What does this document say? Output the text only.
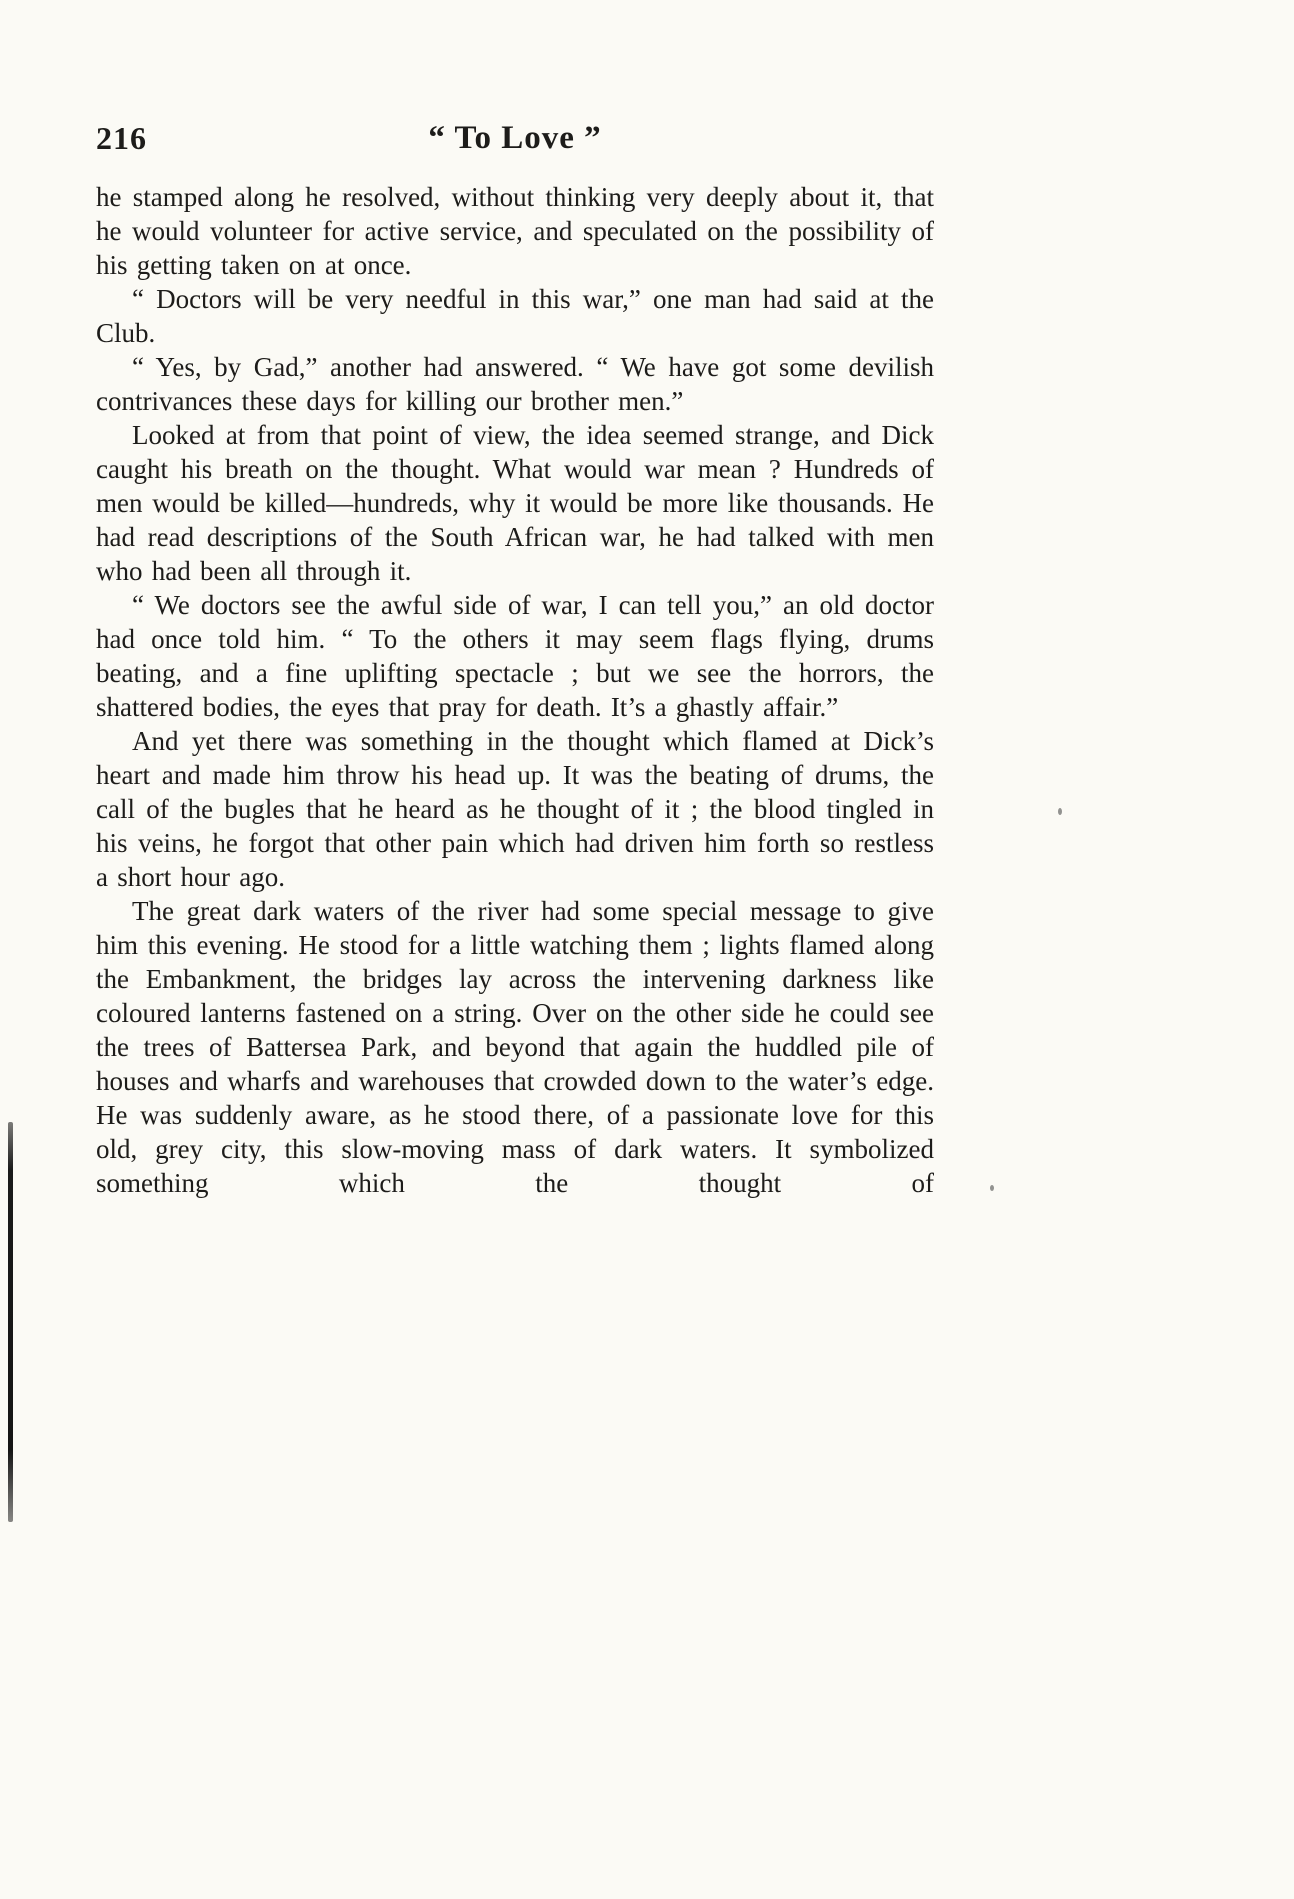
216	“ To Love ”

he stamped along he resolved, without thinking very deeply about it, that he would volunteer for active service, and speculated on the possibility of his getting taken on at once.

“ Doctors will be very needful in this war,” one man had said at the Club.

“ Yes, by Gad,” another had answered. “ We have got some devilish contrivances these days for killing our brother men.”

Looked at from that point of view, the idea seemed strange, and Dick caught his breath on the thought. What would war mean ? Hundreds of men would be killed—hundreds, why it would be more like thousands. He had read descriptions of the South African war, he had talked with men who had been all through it.

“ We doctors see the awful side of war, I can tell you,” an old doctor had once told him. “ To the others it may seem flags flying, drums beating, and a fine uplifting spectacle ; but we see the horrors, the shattered bodies, the eyes that pray for death. It’s a ghastly affair.”

And yet there was something in the thought which flamed at Dick’s heart and made him throw his head up. It was the beating of drums, the call of the bugles that he heard as he thought of it ; the blood tingled in his veins, he forgot that other pain which had driven him forth so restless a short hour ago.

The great dark waters of the river had some special message to give him this evening. He stood for a little watching them ; lights flamed along the Embankment, the bridges lay across the intervening darkness like coloured lanterns fastened on a string. Over on the other side he could see the trees of Battersea Park, and beyond that again the huddled pile of houses and wharfs and warehouses that crowded down to the water’s edge. He was suddenly aware, as he stood there, of a passionate love for this old, grey city, this slow-moving mass of dark waters. It symbolized something which the thought of
